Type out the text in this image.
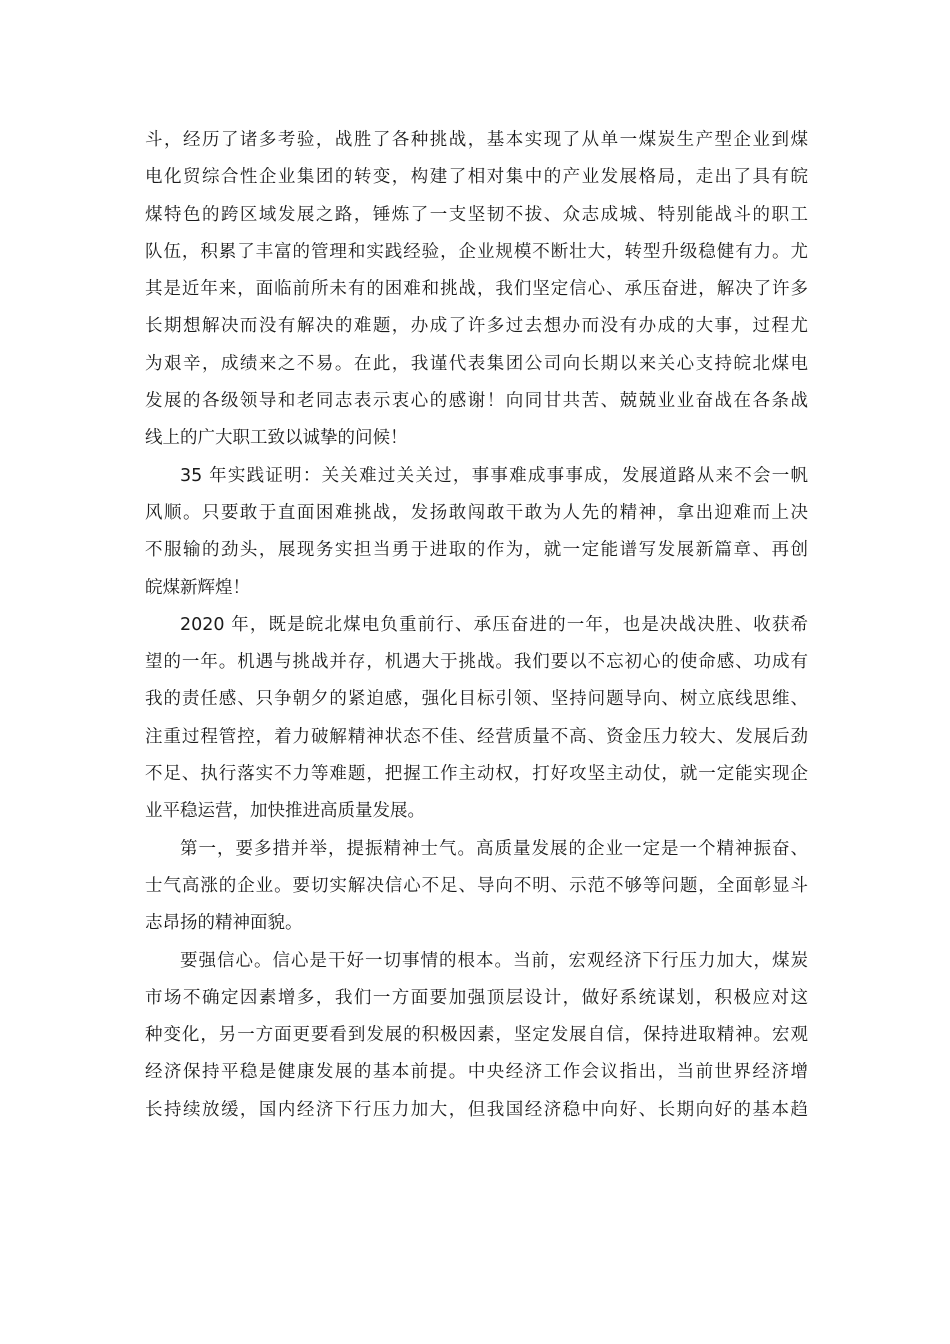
斗，经历了诸多考验，战胜了各种挑战，基本实现了从单一煤炭生产型企业到煤
电化贸综合性企业集团的转变，构建了相对集中的产业发展格局，走出了具有皖
煤特色的跨区域发展之路，锤炼了一支坚韧不拔、众志成城、特别能战斗的职工
队伍，积累了丰富的管理和实践经验，企业规模不断壮大，转型升级稳健有力。尤
其是近年来，面临前所未有的困难和挑战，我们坚定信心、承压奋进，解决了许多
长期想解决而没有解决的难题，办成了许多过去想办而没有办成的大事，过程尤
为艰辛，成绩来之不易。在此，我谨代表集团公司向长期以来关心支持皖北煤电
发展的各级领导和老同志表示衷心的感谢！向同甘共苦、兢兢业业奋战在各条战
线上的广大职工致以诚挚的问候！
35 年实践证明：关关难过关关过，事事难成事事成，发展道路从来不会一帆
风顺。只要敢于直面困难挑战，发扬敢闯敢干敢为人先的精神，拿出迎难而上决
不服输的劲头，展现务实担当勇于进取的作为，就一定能谱写发展新篇章、再创
皖煤新辉煌！
2020 年，既是皖北煤电负重前行、承压奋进的一年，也是决战决胜、收获希
望的一年。机遇与挑战并存，机遇大于挑战。我们要以不忘初心的使命感、功成有
我的责任感、只争朝夕的紧迫感，强化目标引领、坚持问题导向、树立底线思维、
注重过程管控，着力破解精神状态不佳、经营质量不高、资金压力较大、发展后劲
不足、执行落实不力等难题，把握工作主动权，打好攻坚主动仗，就一定能实现企
业平稳运营，加快推进高质量发展。
第一，要多措并举，提振精神士气。高质量发展的企业一定是一个精神振奋、
士气高涨的企业。要切实解决信心不足、导向不明、示范不够等问题，全面彰显斗
志昂扬的精神面貌。
要强信心。信心是干好一切事情的根本。当前，宏观经济下行压力加大，煤炭
市场不确定因素增多，我们一方面要加强顶层设计，做好系统谋划，积极应对这
种变化，另一方面更要看到发展的积极因素，坚定发展自信，保持进取精神。宏观
经济保持平稳是健康发展的基本前提。中央经济工作会议指出，当前世界经济增
长持续放缓，国内经济下行压力加大，但我国经济稳中向好、长期向好的基本趋
